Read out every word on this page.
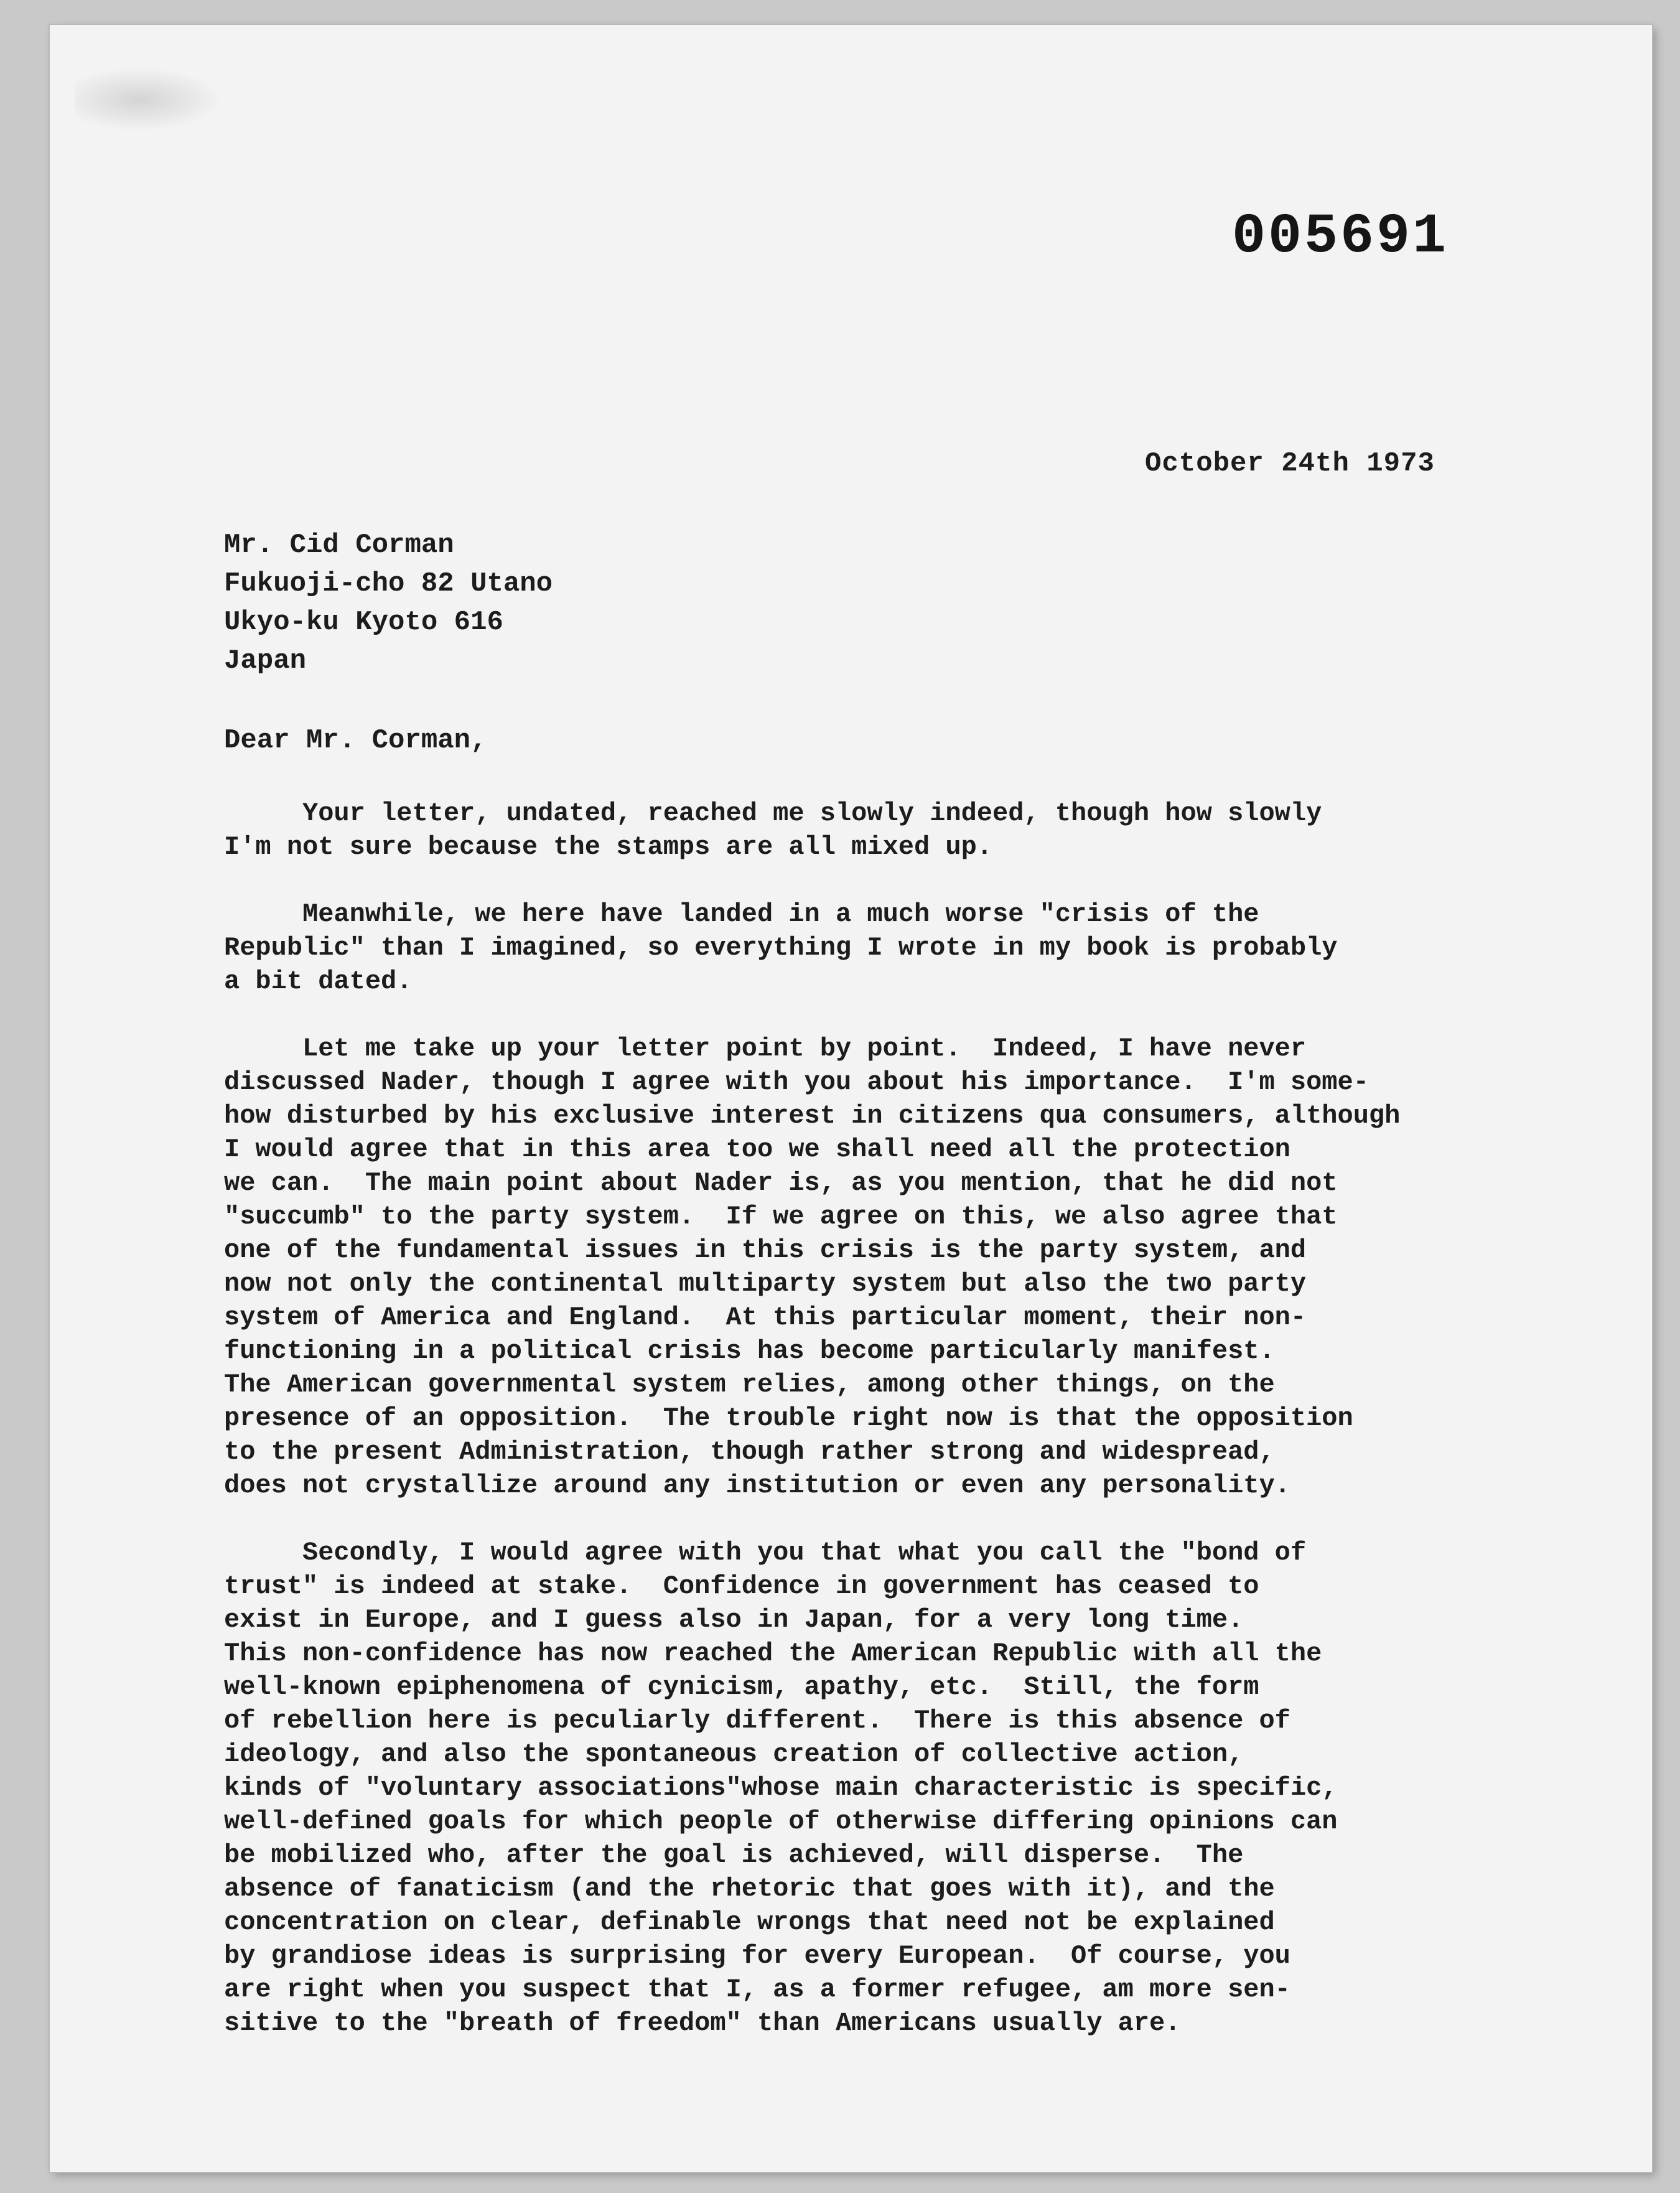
005691
October 24th 1973
Mr. Cid Corman
Fukuoji-cho 82 Utano
Ukyo-ku Kyoto 616
Japan
Dear Mr. Corman,
Your letter, undated, reached me slowly indeed, though how slowly
I'm not sure because the stamps are all mixed up.
Meanwhile, we here have landed in a much worse "crisis of the
Republic" than I imagined, so everything I wrote in my book is probably
a bit dated.
Let me take up your letter point by point.  Indeed, I have never
discussed Nader, though I agree with you about his importance.  I'm some-
how disturbed by his exclusive interest in citizens qua consumers, although
I would agree that in this area too we shall need all the protection
we can.  The main point about Nader is, as you mention, that he did not
"succumb" to the party system.  If we agree on this, we also agree that
one of the fundamental issues in this crisis is the party system, and
now not only the continental multiparty system but also the two party
system of America and England.  At this particular moment, their non-
functioning in a political crisis has become particularly manifest.
The American governmental system relies, among other things, on the
presence of an opposition.  The trouble right now is that the opposition
to the present Administration, though rather strong and widespread,
does not crystallize around any institution or even any personality.
Secondly, I would agree with you that what you call the "bond of
trust" is indeed at stake.  Confidence in government has ceased to
exist in Europe, and I guess also in Japan, for a very long time.
This non-confidence has now reached the American Republic with all the
well-known epiphenomena of cynicism, apathy, etc.  Still, the form
of rebellion here is peculiarly different.  There is this absence of
ideology, and also the spontaneous creation of collective action,
kinds of "voluntary associations"whose main characteristic is specific,
well-defined goals for which people of otherwise differing opinions can
be mobilized who, after the goal is achieved, will disperse.  The
absence of fanaticism (and the rhetoric that goes with it), and the
concentration on clear, definable wrongs that need not be explained
by grandiose ideas is surprising for every European.  Of course, you
are right when you suspect that I, as a former refugee, am more sen-
sitive to the "breath of freedom" than Americans usually are.
